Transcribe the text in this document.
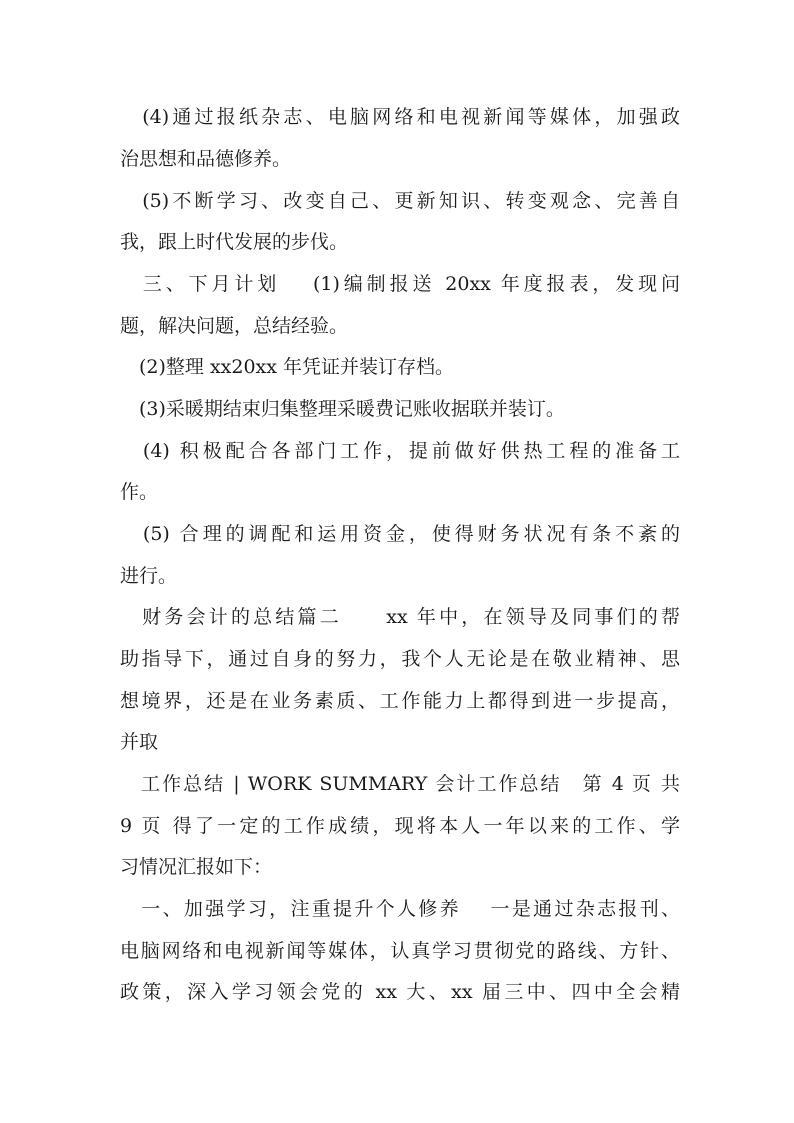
　(4)通过报纸杂志、电脑网络和电视新闻等媒体，加强政
治思想和品德修养。
　(5)不断学习、改变自己、更新知识、转变观念、完善自
我，跟上时代发展的步伐。
　三、下月计划　 (1)编制报送 20xx 年度报表，发现问
题，解决问题，总结经验。
　(2)整理 xx20xx 年凭证并装订存档。
　(3)采暖期结束归集整理采暖费记账收据联并装订。
　(4) 积极配合各部门工作，提前做好供热工程的准备工
作。
　(5) 合理的调配和运用资金，使得财务状况有条不紊的
进行。
　财务会计的总结篇二　　xx 年中，在领导及同事们的帮
助指导下，通过自身的努力，我个人无论是在敬业精神、思
想境界，还是在业务素质、工作能力上都得到进一步提高，
并取
　工作总结 | WORK SUMMARY 会计工作总结　第 4 页 共
9 页 得了一定的工作成绩，现将本人一年以来的工作、学
习情况汇报如下：
　一、加强学习，注重提升个人修养　 一是通过杂志报刊、
电脑网络和电视新闻等媒体，认真学习贯彻党的路线、方针、
政策，深入学习领会党的 xx 大、xx 届三中、四中全会精
